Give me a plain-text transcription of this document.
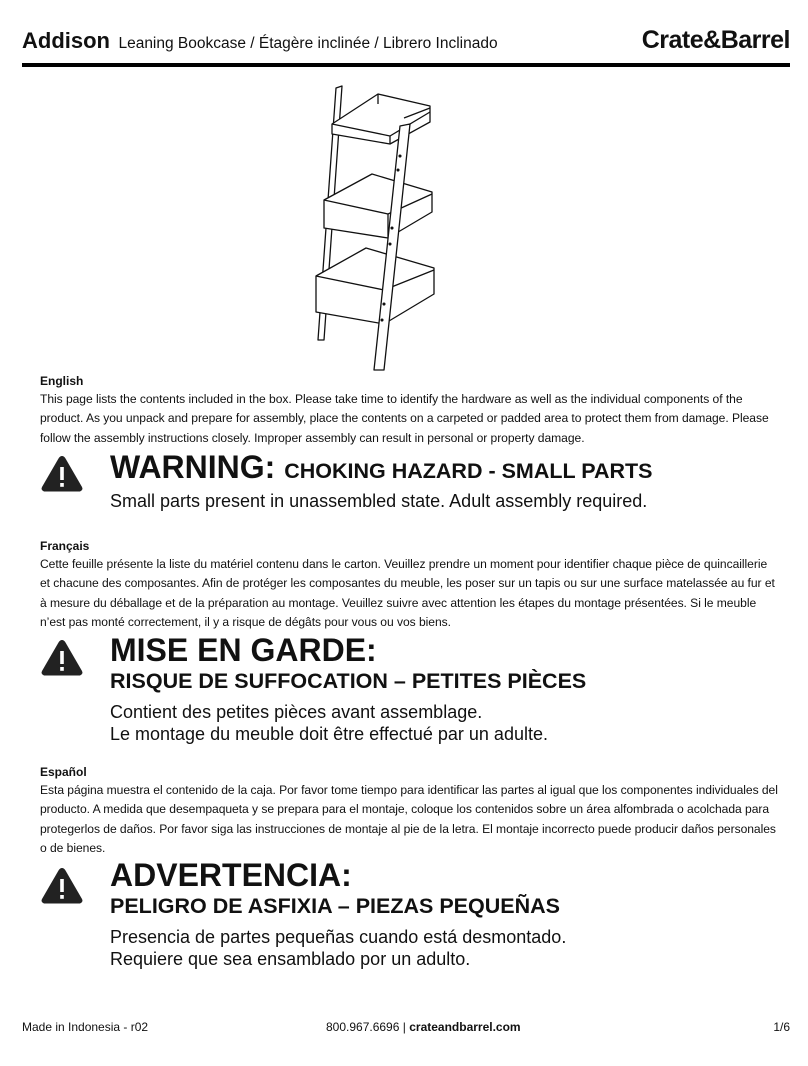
Addison Leaning Bookcase / Étagère inclinée / Librero Inclinado	Crate&Barrel

English

This page lists the contents included in the box. Please take time to identify the hardware as well as the individual components of the product. As you unpack and prepare for assembly, place the contents on a carpeted or padded area to protect them from damage. Please follow the assembly instructions closely. Improper assembly can result in personal or property damage.

WARNING: CHOKING HAZARD - SMALL PARTS
Small parts present in unassembled state. Adult assembly required.

Français

Cette feuille présente la liste du matériel contenu dans le carton. Veuillez prendre un moment pour identifier chaque pièce de quincaillerie et chacune des composantes. Afin de protéger les composantes du meuble, les poser sur un tapis ou sur une surface matelassée au fur et à mesure du déballage et de la préparation au montage. Veuillez suivre avec attention les étapes du montage présentées. Si le meuble n’est pas monté correctement, il y a risque de dégâts pour vous ou vos biens.

MISE EN GARDE:
RISQUE DE SUFFOCATION – PETITES PIÈCES
Contient des petites pièces avant assemblage.
Le montage du meuble doit être effectué par un adulte.

Español

Esta página muestra el contenido de la caja. Por favor tome tiempo para identificar las partes al igual que los componentes individuales del producto. A medida que desempaqueta y se prepara para el montaje, coloque los contenidos sobre un área alfombrada o acolchada para protegerlos de daños. Por favor siga las instrucciones de montaje al pie de la letra. El montaje incorrecto puede producir daños personales o de bienes.

ADVERTENCIA:
PELIGRO DE ASFIXIA – PIEZAS PEQUEÑAS
Presencia de partes pequeñas cuando está desmontado.
Requiere que sea ensamblado por un adulto.
Made in Indonesia - r02	800.967.6696 | crateandbarrel.com	1/6
